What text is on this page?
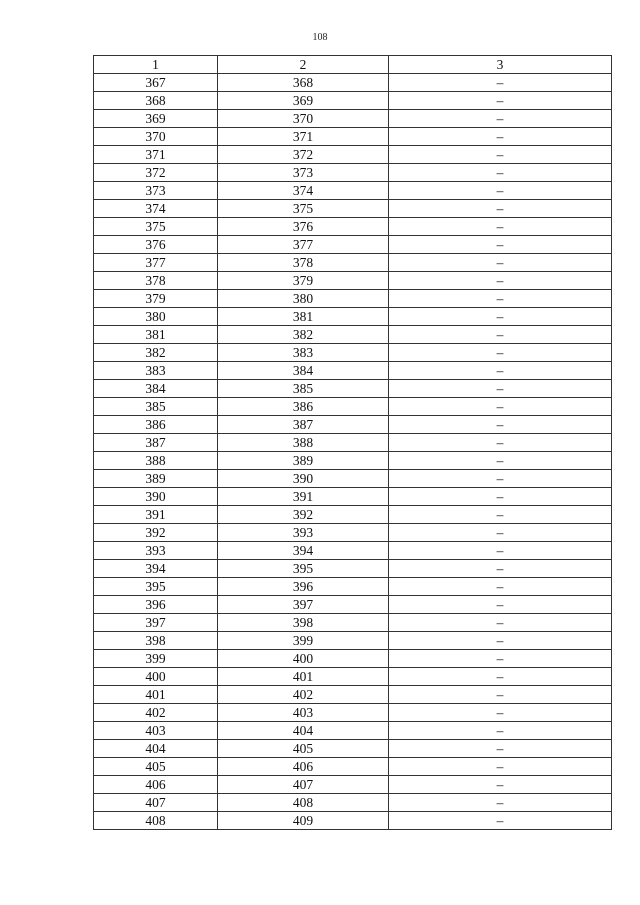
108
1	2	3
367	368	–
368	369	–
369	370	–
370	371	–
371	372	–
372	373	–
373	374	–
374	375	–
375	376	–
376	377	–
377	378	–
378	379	–
379	380	–
380	381	–
381	382	–
382	383	–
383	384	–
384	385	–
385	386	–
386	387	–
387	388	–
388	389	–
389	390	–
390	391	–
391	392	–
392	393	–
393	394	–
394	395	–
395	396	–
396	397	–
397	398	–
398	399	–
399	400	–
400	401	–
401	402	–
402	403	–
403	404	–
404	405	–
405	406	–
406	407	–
407	408	–
408	409	–
